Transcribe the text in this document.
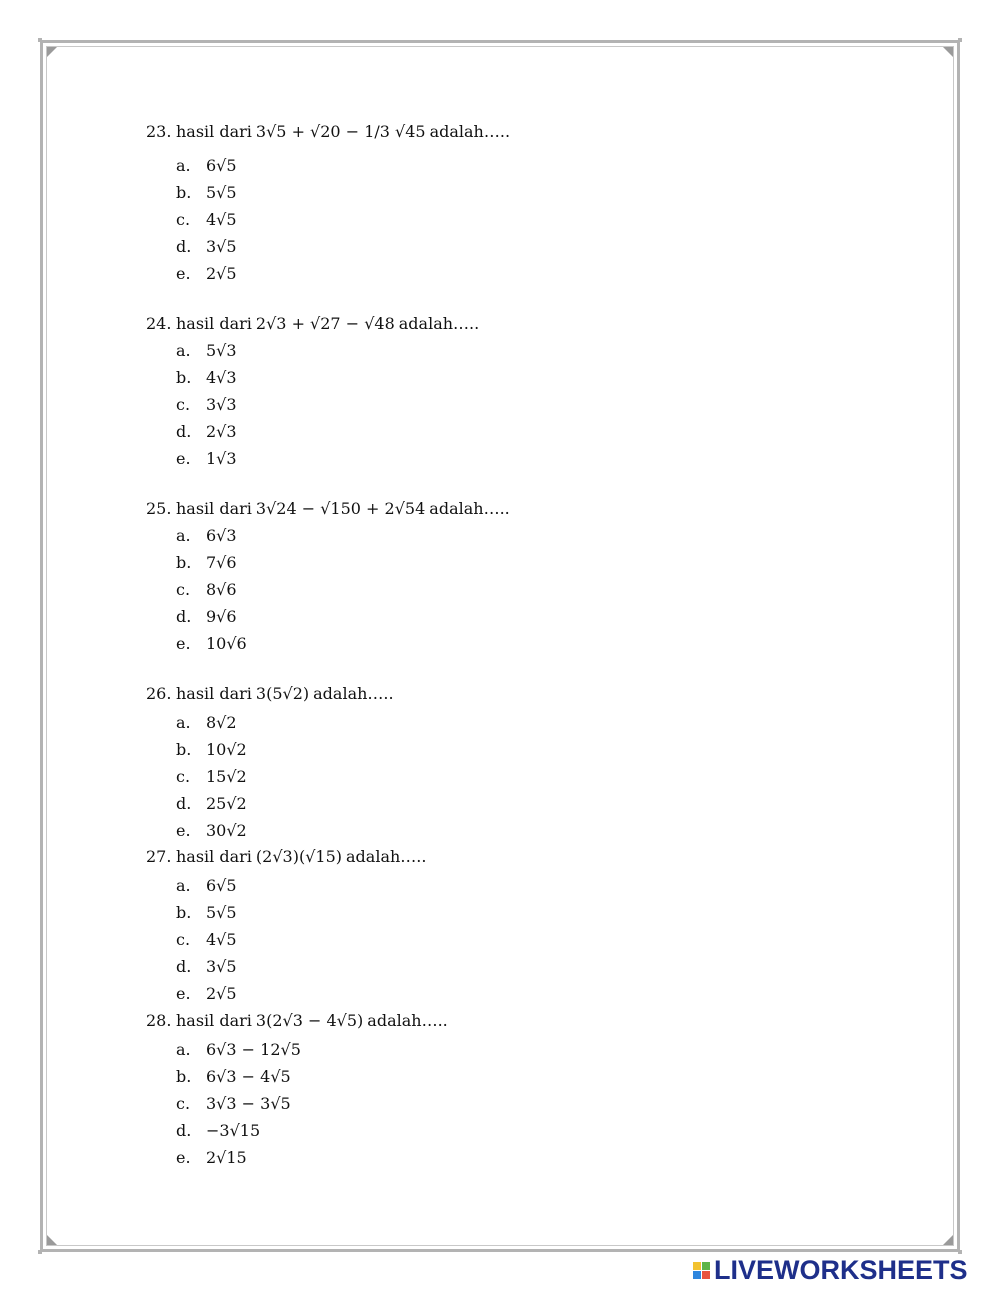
23. hasil dari 3√5 + √20 − 1/3 √45 adalah…..
a. 6√5
b. 5√5
c. 4√5
d. 3√5
e. 2√5
24. hasil dari 2√3 + √27 − √48 adalah…..
a. 5√3
b. 4√3
c. 3√3
d. 2√3
e. 1√3
25. hasil dari 3√24 − √150 + 2√54 adalah…..
a. 6√3
b. 7√6
c. 8√6
d. 9√6
e. 10√6
26. hasil dari 3(5√2) adalah…..
a. 8√2
b. 10√2
c. 15√2
d. 25√2
e. 30√2
27. hasil dari (2√3)(√15) adalah…..
a. 6√5
b. 5√5
c. 4√5
d. 3√5
e. 2√5
28. hasil dari 3(2√3 − 4√5) adalah…..
a. 6√3 − 12√5
b. 6√3 − 4√5
c. 3√3 − 3√5
d. −3√15
e. 2√15
LIVEWORKSHEETS
